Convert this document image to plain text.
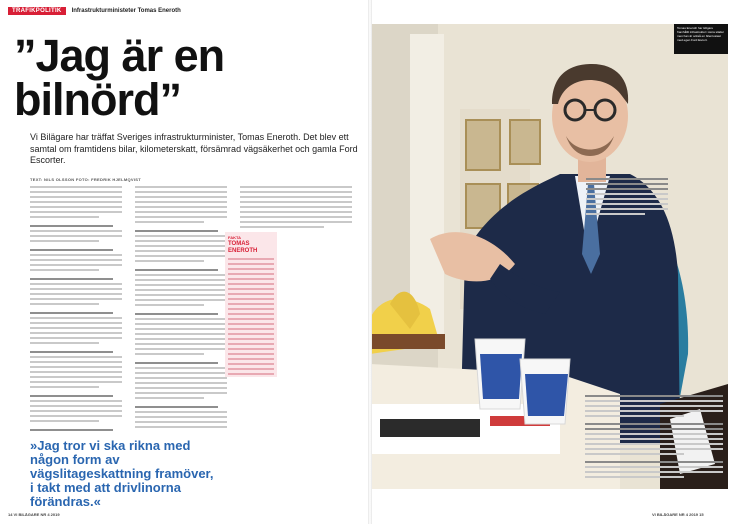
TRAFIKPOLITIK	Infrastrukturministeter Tomas Eneroth
”Jag är en
bilnörd”

Vi Bilägare har träffat Sveriges infrastrukturminister, Tomas Eneroth. Det blev ett samtal om framtidens bilar, kilometerskatt, försämrad vägsäkerhet och gamla Ford Escorter.

TEXT: NILS OLSSON FOTO: FREDRIK HJELMQVIST
FAKTA
TOMAS ENEROTH

»Jag tror vi ska rikna med någon form av vägslitageskattning framöver, i takt med att drivlinorna förändras.«

14 VI BILÄGARE NR 4 2019
Tomas Eneroth har tidigare framhållit infrastruktur i stora städer men han är också en bilentusiast med egen Ford Escort.
VI BILÄGARE NR 4 2019 15
